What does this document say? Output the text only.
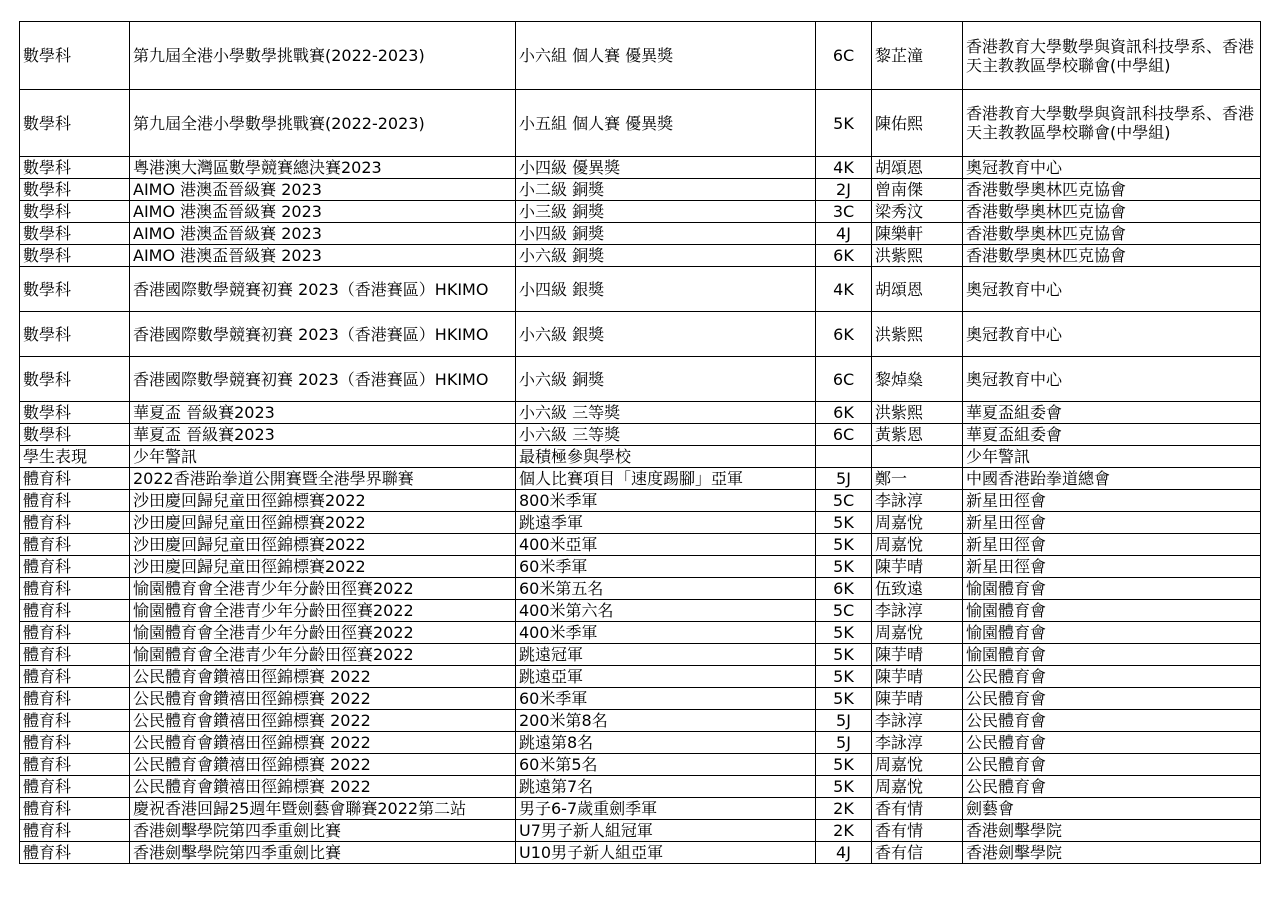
數學科	第九屆全港小學數學挑戰賽(2022-2023)	小六組 個人賽 優異獎	6C	黎芷潼	香港教育大學數學與資訊科技學系、香港天主教教區學校聯會(中學組)
數學科	第九屆全港小學數學挑戰賽(2022-2023)	小五組 個人賽 優異獎	5K	陳佑熙	香港教育大學數學與資訊科技學系、香港天主教教區學校聯會(中學組)
數學科	粵港澳大灣區數學競賽總決賽2023	小四級 優異獎	4K	胡頌恩	奧冠教育中心
數學科	AIMO 港澳盃晉級賽 2023	小二級 銅獎	2J	曾南傑	香港數學奧林匹克協會
數學科	AIMO 港澳盃晉級賽 2023	小三級 銅獎	3C	梁秀汶	香港數學奧林匹克協會
數學科	AIMO 港澳盃晉級賽 2023	小四級 銅獎	4J	陳樂軒	香港數學奧林匹克協會
數學科	AIMO 港澳盃晉級賽 2023	小六級 銅獎	6K	洪紫熙	香港數學奧林匹克協會
數學科	香港國際數學競賽初賽 2023（香港賽區）HKIMO	小四級 銀獎	4K	胡頌恩	奧冠教育中心
數學科	香港國際數學競賽初賽 2023（香港賽區）HKIMO	小六級 銀獎	6K	洪紫熙	奧冠教育中心
數學科	香港國際數學競賽初賽 2023（香港賽區）HKIMO	小六級 銅獎	6C	黎焯燊	奧冠教育中心
數學科	華夏盃 晉級賽2023	小六級 三等獎	6K	洪紫熙	華夏盃組委會
數學科	華夏盃 晉級賽2023	小六級 三等獎	6C	黃紫恩	華夏盃組委會
學生表現	少年警訊	最積極參與學校			少年警訊
體育科	2022香港跆拳道公開賽暨全港學界聯賽	個人比賽項目「速度踢腳」亞軍	5J	鄭一	中國香港跆拳道總會
體育科	沙田慶回歸兒童田徑錦標賽2022	800米季軍	5C	李詠淳	新星田徑會
體育科	沙田慶回歸兒童田徑錦標賽2022	跳遠季軍	5K	周嘉悅	新星田徑會
體育科	沙田慶回歸兒童田徑錦標賽2022	400米亞軍	5K	周嘉悅	新星田徑會
體育科	沙田慶回歸兒童田徑錦標賽2022	60米季軍	5K	陳芋晴	新星田徑會
體育科	愉園體育會全港青少年分齡田徑賽2022	60米第五名	6K	伍致遠	愉園體育會
體育科	愉園體育會全港青少年分齡田徑賽2022	400米第六名	5C	李詠淳	愉園體育會
體育科	愉園體育會全港青少年分齡田徑賽2022	400米季軍	5K	周嘉悅	愉園體育會
體育科	愉園體育會全港青少年分齡田徑賽2022	跳遠冠軍	5K	陳芋晴	愉園體育會
體育科	公民體育會鑽禧田徑錦標賽 2022	跳遠亞軍	5K	陳芋晴	公民體育會
體育科	公民體育會鑽禧田徑錦標賽 2022	60米季軍	5K	陳芋晴	公民體育會
體育科	公民體育會鑽禧田徑錦標賽 2022	200米第8名	5J	李詠淳	公民體育會
體育科	公民體育會鑽禧田徑錦標賽 2022	跳遠第8名	5J	李詠淳	公民體育會
體育科	公民體育會鑽禧田徑錦標賽 2022	60米第5名	5K	周嘉悅	公民體育會
體育科	公民體育會鑽禧田徑錦標賽 2022	跳遠第7名	5K	周嘉悅	公民體育會
體育科	慶祝香港回歸25週年暨劍藝會聯賽2022第二站	男子6-7歲重劍季軍	2K	香有情	劍藝會
體育科	香港劍擊學院第四季重劍比賽	U7男子新人組冠軍	2K	香有情	香港劍擊學院
體育科	香港劍擊學院第四季重劍比賽	U10男子新人組亞軍	4J	香有信	香港劍擊學院
